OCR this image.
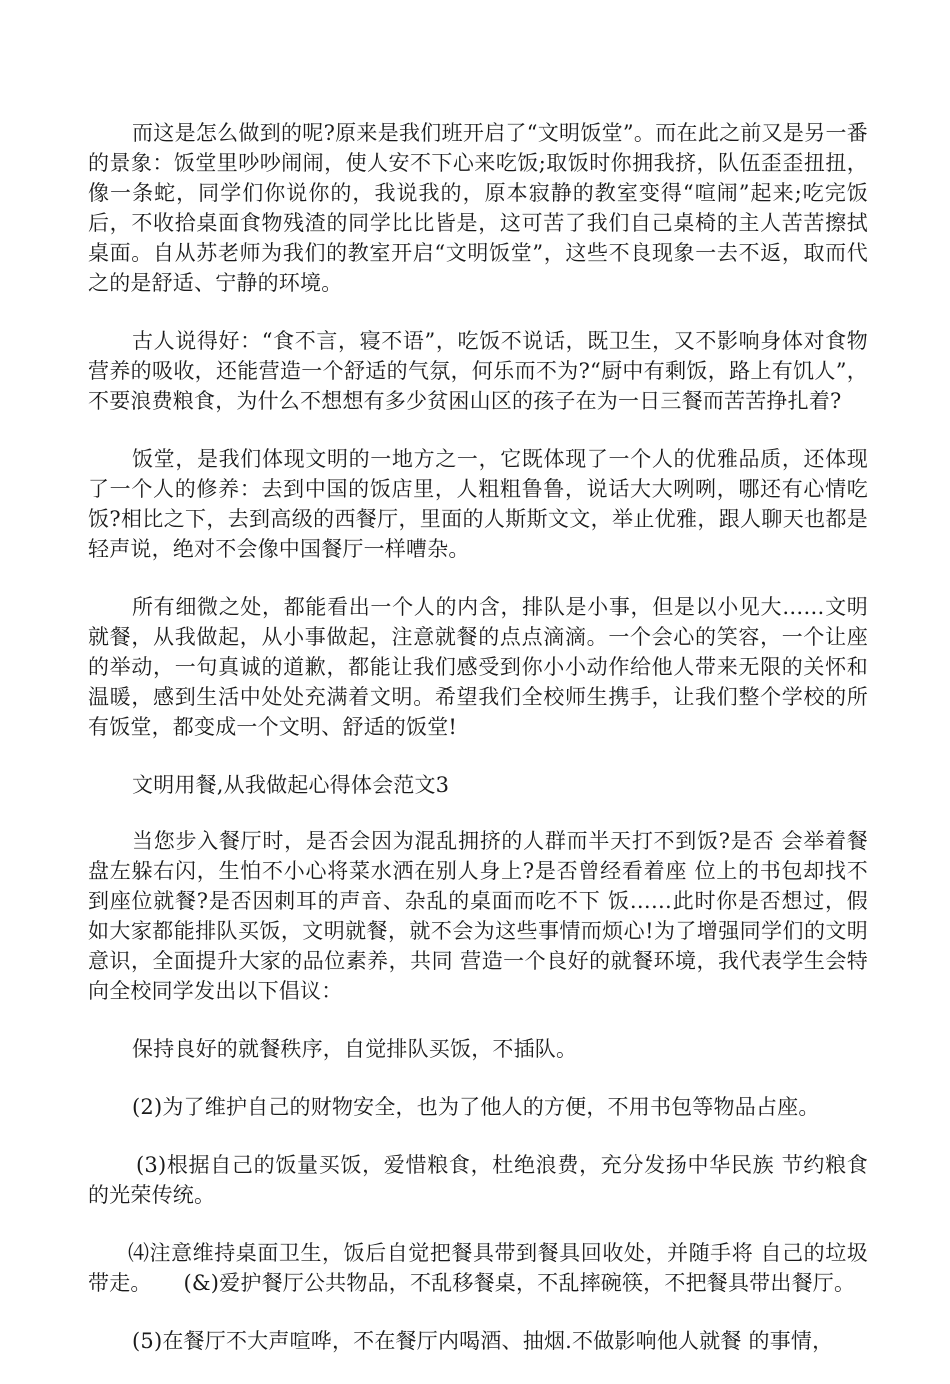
而这是怎么做到的呢?原来是我们班开启了“文明饭堂”。而在此之前又是另一番的景象：饭堂里吵吵闹闹，使人安不下心来吃饭;取饭时你拥我挤，队伍歪歪扭扭，像一条蛇，同学们你说你的，我说我的，原本寂静的教室变得“喧闹”起来;吃完饭后，不收拾桌面食物残渣的同学比比皆是，这可苦了我们自己桌椅的主人苦苦擦拭桌面。自从苏老师为我们的教室开启“文明饭堂”，这些不良现象一去不返，取而代之的是舒适、宁静的环境。

古人说得好：“食不言，寝不语”，吃饭不说话，既卫生，又不影响身体对食物营养的吸收，还能营造一个舒适的气氛，何乐而不为?“厨中有剩饭，路上有饥人”，不要浪费粮食，为什么不想想有多少贫困山区的孩子在为一日三餐而苦苦挣扎着?

饭堂，是我们体现文明的一地方之一，它既体现了一个人的优雅品质，还体现了一个人的修养：去到中国的饭店里，人粗粗鲁鲁，说话大大咧咧，哪还有心情吃饭?相比之下，去到高级的西餐厅，里面的人斯斯文文，举止优雅，跟人聊天也都是轻声说，绝对不会像中国餐厅一样嘈杂。

所有细微之处，都能看出一个人的内含，排队是小事，但是以小见大……文明就餐，从我做起，从小事做起，注意就餐的点点滴滴。一个会心的笑容，一个让座的举动，一句真诚的道歉，都能让我们感受到你小小动作给他人带来无限的关怀和温暖，感到生活中处处充满着文明。希望我们全校师生携手，让我们整个学校的所有饭堂，都变成一个文明、舒适的饭堂!

文明用餐,从我做起心得体会范文3

当您步入餐厅时，是否会因为混乱拥挤的人群而半天打不到饭?是否 会举着餐盘左躲右闪，生怕不小心将菜水洒在别人身上?是否曾经看着座 位上的书包却找不到座位就餐?是否因刺耳的声音、杂乱的桌面而吃不下 饭……此时你是否想过，假如大家都能排队买饭，文明就餐，就不会为这些事情而烦心!为了增强同学们的文明意识，全面提升大家的品位素养，共同 营造一个良好的就餐环境，我代表学生会特向全校同学发出以下倡议：

保持良好的就餐秩序，自觉排队买饭，不插队。

(2)为了维护自己的财物安全，也为了他人的方便，不用书包等物品占座。

(3)根据自己的饭量买饭，爱惜粮食，杜绝浪费，充分发扬中华民族 节约粮食的光荣传统。

⑷注意维持桌面卫生，饭后自觉把餐具带到餐具回收处，并随手将 自己的垃圾带走。　　(&)爱护餐厅公共物品，不乱移餐桌，不乱摔碗筷，不把餐具带出餐厅。

(5)在餐厅不大声喧哗，不在餐厅内喝酒、抽烟.不做影响他人就餐 的事情，
